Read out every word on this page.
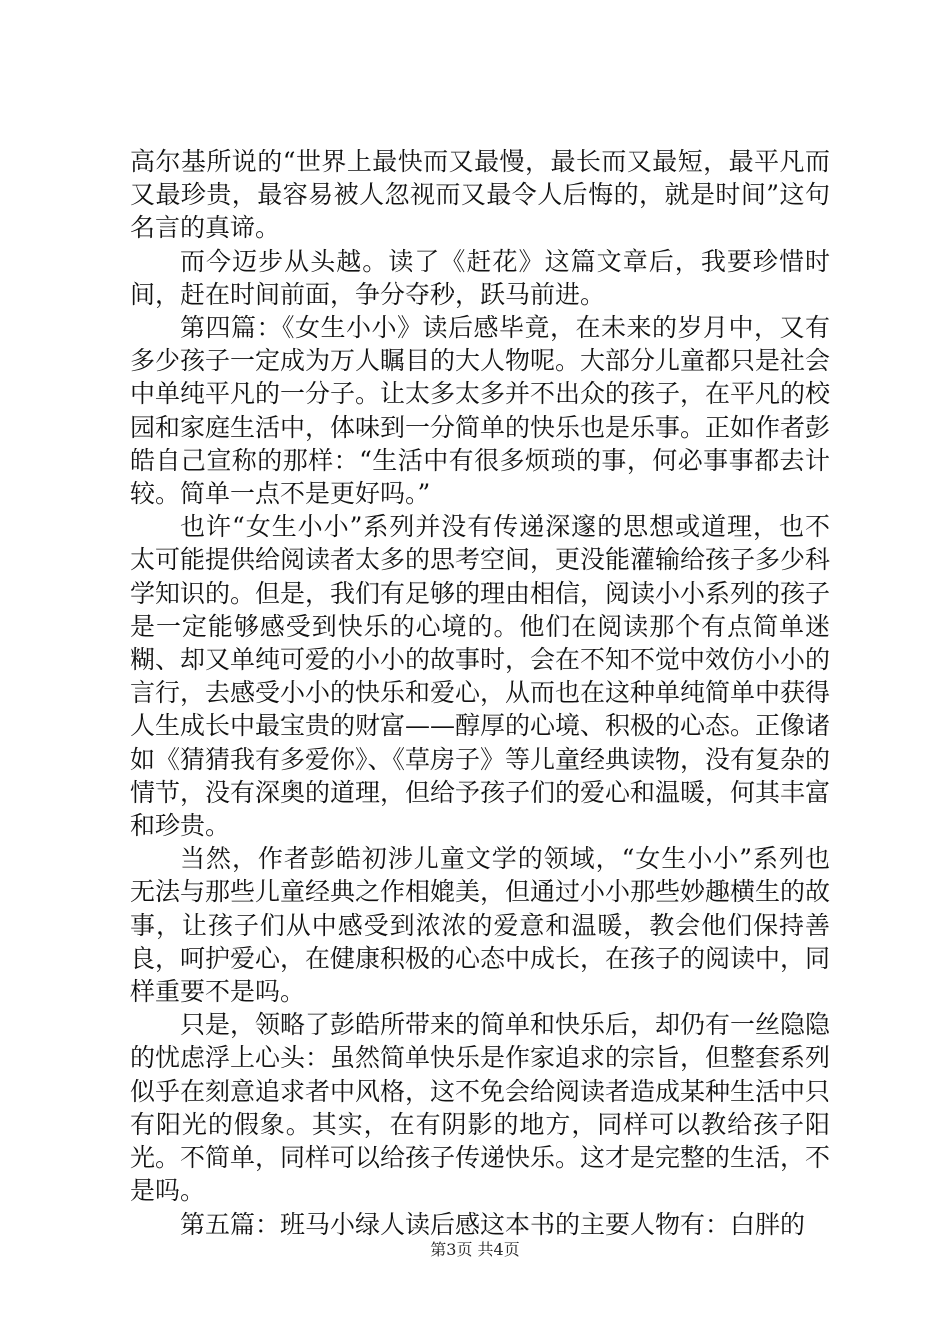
高尔基所说的“世界上最快而又最慢，最长而又最短，最平凡而又最珍贵，最容易被人忽视而又最令人后悔的，就是时间”这句名言的真谛。

而今迈步从头越。读了《赶花》这篇文章后，我要珍惜时间，赶在时间前面，争分夺秒，跃马前进。

第四篇：《女生小小》读后感毕竟，在未来的岁月中，又有多少孩子一定成为万人瞩目的大人物呢。大部分儿童都只是社会中单纯平凡的一分子。让太多太多并不出众的孩子，在平凡的校园和家庭生活中，体味到一分简单的快乐也是乐事。正如作者彭皓自己宣称的那样：“生活中有很多烦琐的事，何必事事都去计较。简单一点不是更好吗。”

也许“女生小小”系列并没有传递深邃的思想或道理，也不太可能提供给阅读者太多的思考空间，更没能灌输给孩子多少科学知识的。但是，我们有足够的理由相信，阅读小小系列的孩子是一定能够感受到快乐的心境的。他们在阅读那个有点简单迷糊、却又单纯可爱的小小的故事时，会在不知不觉中效仿小小的言行，去感受小小的快乐和爱心，从而也在这种单纯简单中获得人生成长中最宝贵的财富——醇厚的心境、积极的心态。正像诸如《猜猜我有多爱你》、《草房子》等儿童经典读物，没有复杂的情节，没有深奥的道理，但给予孩子们的爱心和温暖，何其丰富和珍贵。

当然，作者彭皓初涉儿童文学的领域，“女生小小”系列也无法与那些儿童经典之作相媲美，但通过小小那些妙趣横生的故事，让孩子们从中感受到浓浓的爱意和温暖，教会他们保持善良，呵护爱心，在健康积极的心态中成长，在孩子的阅读中，同样重要不是吗。

只是，领略了彭皓所带来的简单和快乐后，却仍有一丝隐隐的忧虑浮上心头：虽然简单快乐是作家追求的宗旨，但整套系列似乎在刻意追求者中风格，这不免会给阅读者造成某种生活中只有阳光的假象。其实，在有阴影的地方，同样可以教给孩子阳光。不简单，同样可以给孩子传递快乐。这才是完整的生活，不是吗。

第五篇：班马小绿人读后感这本书的主要人物有：白胖的

第3页 共4页
